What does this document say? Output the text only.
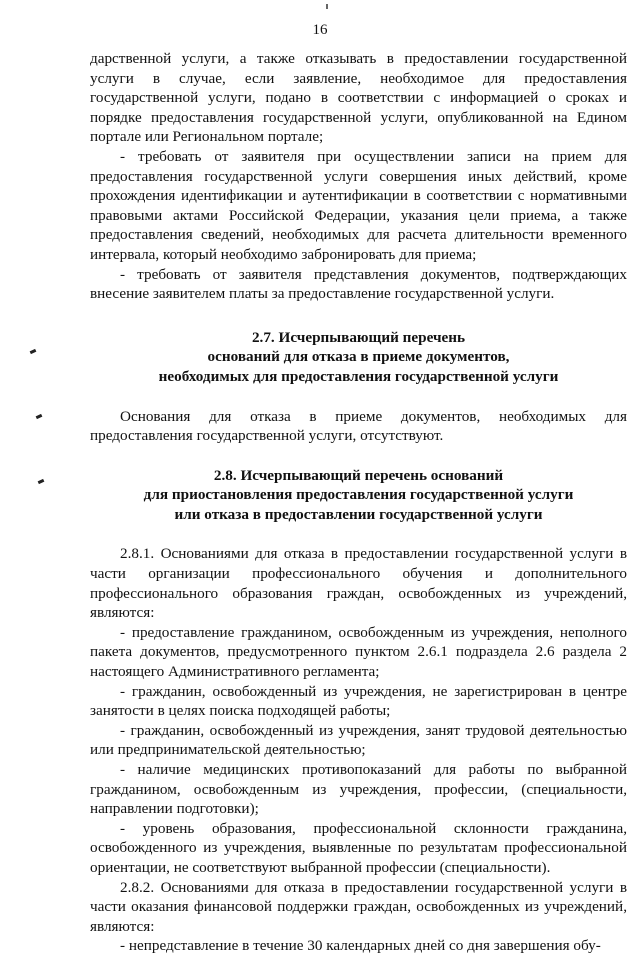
16

дарственной услуги, а также отказывать в предоставлении государственной услуги в случае, если заявление, необходимое для предоставления государственной услуги, подано в соответствии с информацией о сроках и порядке предоставления государственной услуги, опубликованной на Едином портале или Региональном портале;

- требовать от заявителя при осуществлении записи на прием для предоставления государственной услуги совершения иных действий, кроме прохождения идентификации и аутентификации в соответствии с нормативными правовыми актами Российской Федерации, указания цели приема, а также предоставления сведений, необходимых для расчета длительности временного интервала, который необходимо забронировать для приема;

- требовать от заявителя представления документов, подтверждающих внесение заявителем платы за предоставление государственной услуги.

2.7. Исчерпывающий перечень

оснований для отказа в приеме документов,

необходимых для предоставления государственной услуги

Основания для отказа в приеме документов, необходимых для предоставления государственной услуги, отсутствуют.

2.8. Исчерпывающий перечень оснований

для приостановления предоставления государственной услуги

или отказа в предоставлении государственной услуги

2.8.1. Основаниями для отказа в предоставлении государственной услуги в части организации профессионального обучения и дополнительного профессионального образования граждан, освобожденных из учреждений, являются:

- предоставление гражданином, освобожденным из учреждения, неполного пакета документов, предусмотренного пунктом 2.6.1 подраздела 2.6 раздела 2 настоящего Административного регламента;

- гражданин, освобожденный из учреждения, не зарегистрирован в центре занятости в целях поиска подходящей работы;

- гражданин, освобожденный из учреждения, занят трудовой деятельностью или предпринимательской деятельностью;

- наличие медицинских противопоказаний для работы по выбранной гражданином, освобожденным из учреждения, профессии, (специальности, направлении подготовки);

- уровень образования, профессиональной склонности гражданина, освобожденного из учреждения, выявленные по результатам профессиональной ориентации, не соответствуют выбранной профессии (специальности).

2.8.2. Основаниями для отказа в предоставлении государственной услуги в части оказания финансовой поддержки граждан, освобожденных из учреждений, являются:

- непредставление в течение 30 календарных дней со дня завершения обу-
